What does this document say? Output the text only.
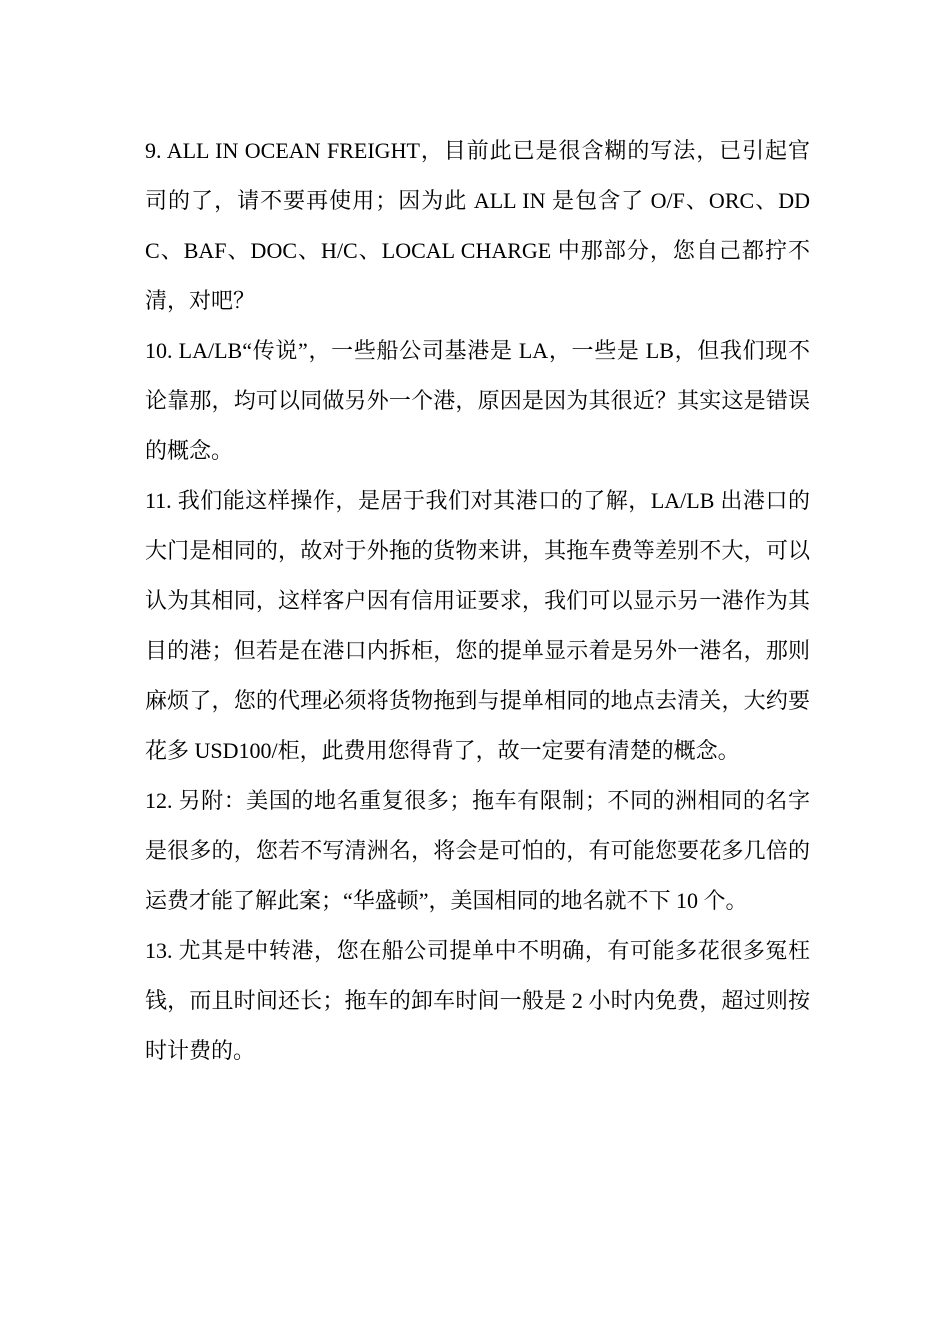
9. ALL IN OCEAN FREIGHT，目前此已是很含糊的写法，已引起官司的了，请不要再使用；因为此 ALL IN 是包含了 O/F、ORC、DDC、BAF、DOC、H/C、LOCAL CHARGE 中那部分，您自己都拧不清，对吧？

10. LA/LB“传说”，一些船公司基港是 LA，一些是 LB，但我们现不论靠那，均可以同做另外一个港，原因是因为其很近？其实这是错误的概念。

11. 我们能这样操作，是居于我们对其港口的了解，LA/LB 出港口的大门是相同的，故对于外拖的货物来讲，其拖车费等差别不大，可以认为其相同，这样客户因有信用证要求，我们可以显示另一港作为其目的港；但若是在港口内拆柜，您的提单显示着是另外一港名，那则麻烦了，您的代理必须将货物拖到与提单相同的地点去清关，大约要花多 USD100/柜，此费用您得背了，故一定要有清楚的概念。

12. 另附：美国的地名重复很多；拖车有限制；不同的洲相同的名字是很多的，您若不写清洲名，将会是可怕的，有可能您要花多几倍的运费才能了解此案；“华盛顿”，美国相同的地名就不下 10 个。

13. 尤其是中转港，您在船公司提单中不明确，有可能多花很多冤枉钱，而且时间还长；拖车的卸车时间一般是 2 小时内免费，超过则按时计费的。
